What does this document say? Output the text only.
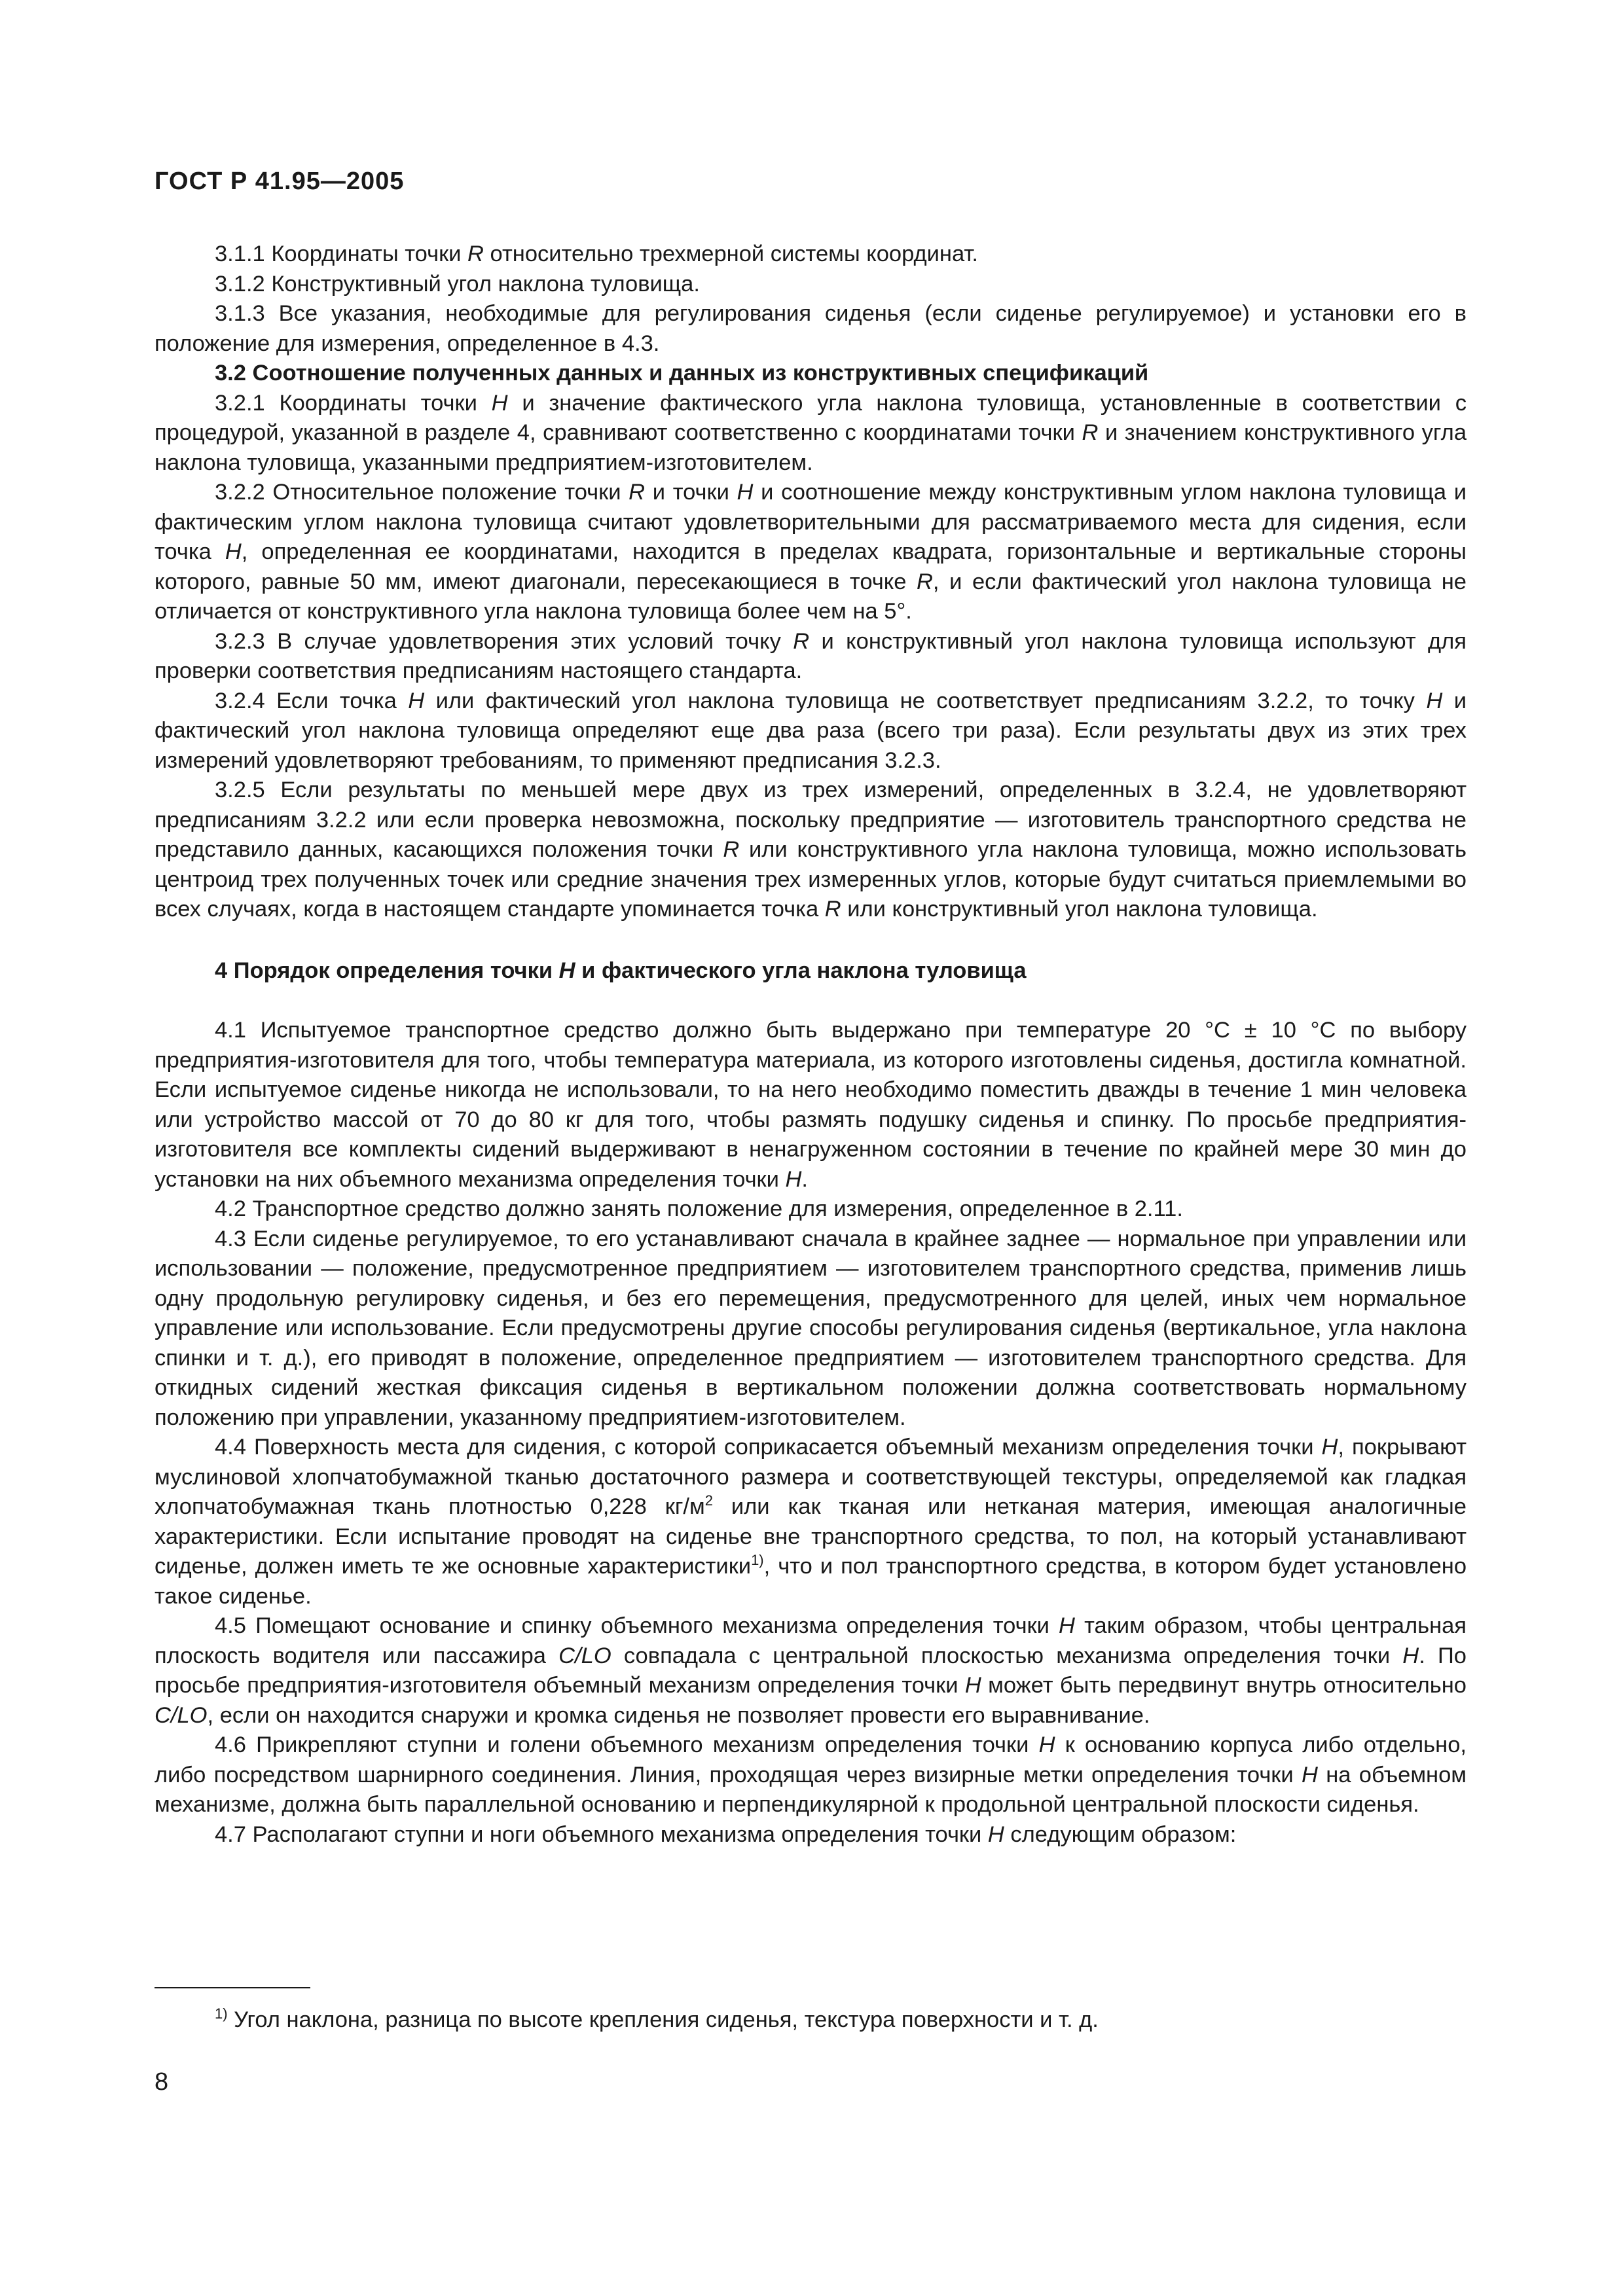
ГОСТ Р 41.95—2005

3.1.1 Координаты точки R относительно трехмерной системы координат.

3.1.2 Конструктивный угол наклона туловища.

3.1.3 Все указания, необходимые для регулирования сиденья (если сиденье регулируемое) и установки его в положение для измерения, определенное в 4.3.

3.2 Соотношение полученных данных и данных из конструктивных спецификаций

3.2.1 Координаты точки H и значение фактического угла наклона туловища, установленные в соответствии с процедурой, указанной в разделе 4, сравнивают соответственно с координатами точки R и значением конструктивного угла наклона туловища, указанными предприятием-изготовителем.

3.2.2 Относительное положение точки R и точки H и соотношение между конструктивным углом наклона туловища и фактическим углом наклона туловища считают удовлетворительными для рассматриваемого места для сидения, если точка H, определенная ее координатами, находится в пределах квадрата, горизонтальные и вертикальные стороны которого, равные 50 мм, имеют диагонали, пересекающиеся в точке R, и если фактический угол наклона туловища не отличается от конструктивного угла наклона туловища более чем на 5°.

3.2.3 В случае удовлетворения этих условий точку R и конструктивный угол наклона туловища используют для проверки соответствия предписаниям настоящего стандарта.

3.2.4 Если точка H или фактический угол наклона туловища не соответствует предписаниям 3.2.2, то точку H и фактический угол наклона туловища определяют еще два раза (всего три раза). Если результаты двух из этих трех измерений удовлетворяют требованиям, то применяют предписания 3.2.3.

3.2.5 Если результаты по меньшей мере двух из трех измерений, определенных в 3.2.4, не удовлетворяют предписаниям 3.2.2 или если проверка невозможна, поскольку предприятие — изготовитель транспортного средства не представило данных, касающихся положения точки R или конструктивного угла наклона туловища, можно использовать центроид трех полученных точек или средние значения трех измеренных углов, которые будут считаться приемлемыми во всех случаях, когда в настоящем стандарте упоминается точка R или конструктивный угол наклона туловища.

4 Порядок определения точки H и фактического угла наклона туловища

4.1 Испытуемое транспортное средство должно быть выдержано при температуре 20 °С ± 10 °С по выбору предприятия-изготовителя для того, чтобы температура материала, из которого изготовлены сиденья, достигла комнатной. Если испытуемое сиденье никогда не использовали, то на него необходимо поместить дважды в течение 1 мин человека или устройство массой от 70 до 80 кг для того, чтобы размять подушку сиденья и спинку. По просьбе предприятия-изготовителя все комплекты сидений выдерживают в ненагруженном состоянии в течение по крайней мере 30 мин до установки на них объемного механизма определения точки H.

4.2 Транспортное средство должно занять положение для измерения, определенное в 2.11.

4.3 Если сиденье регулируемое, то его устанавливают сначала в крайнее заднее — нормальное при управлении или использовании — положение, предусмотренное предприятием — изготовителем транспортного средства, применив лишь одну продольную регулировку сиденья, и без его перемещения, предусмотренного для целей, иных чем нормальное управление или использование. Если предусмотрены другие способы регулирования сиденья (вертикальное, угла наклона спинки и т. д.), его приводят в положение, определенное предприятием — изготовителем транспортного средства. Для откидных сидений жесткая фиксация сиденья в вертикальном положении должна соответствовать нормальному положению при управлении, указанному предприятием-изготовителем.

4.4 Поверхность места для сидения, с которой соприкасается объемный механизм определения точки H, покрывают муслиновой хлопчатобумажной тканью достаточного размера и соответствующей текстуры, определяемой как гладкая хлопчатобумажная ткань плотностью 0,228 $кг/м^2$ или как тканая или нетканая материя, имеющая аналогичные характеристики. Если испытание проводят на сиденье вне транспортного средства, то пол, на который устанавливают сиденье, должен иметь те же основные характеристики$^{1)}$, что и пол транспортного средства, в котором будет установлено такое сиденье.

4.5 Помещают основание и спинку объемного механизма определения точки H таким образом, чтобы центральная плоскость водителя или пассажира C/LO совпадала с центральной плоскостью механизма определения точки H. По просьбе предприятия-изготовителя объемный механизм определения точки H может быть передвинут внутрь относительно C/LO, если он находится снаружи и кромка сиденья не позволяет провести его выравнивание.

4.6 Прикрепляют ступни и голени объемного механизм определения точки H к основанию корпуса либо отдельно, либо посредством шарнирного соединения. Линия, проходящая через визирные метки определения точки H на объемном механизме, должна быть параллельной основанию и перпендикулярной к продольной центральной плоскости сиденья.

4.7 Располагают ступни и ноги объемного механизма определения точки H следующим образом:

$^{1)}$ Угол наклона, разница по высоте крепления сиденья, текстура поверхности и т. д.
8
